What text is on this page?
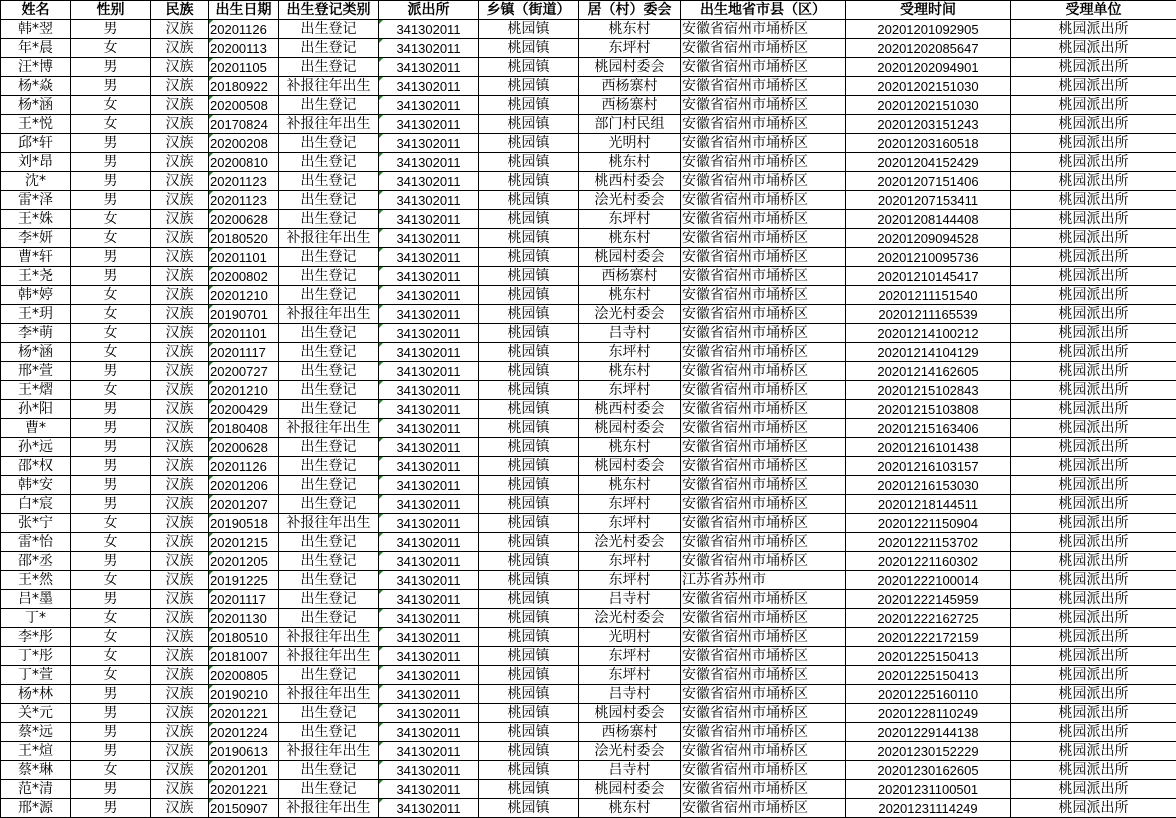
姓名	性别	民族	出生日期	出生登记类别	派出所	乡镇（街道）	居（村）委会	出生地省市县（区）	受理时间	受理单位
韩*翌	男	汉族	20201126	出生登记	341302011	桃园镇	桃东村	安徽省宿州市埇桥区	20201201092905	桃园派出所
年*晨	女	汉族	20200113	出生登记	341302011	桃园镇	东坪村	安徽省宿州市埇桥区	20201202085647	桃园派出所
汪*博	男	汉族	20201105	出生登记	341302011	桃园镇	桃园村委会	安徽省宿州市埇桥区	20201202094901	桃园派出所
杨*焱	男	汉族	20180922	补报往年出生	341302011	桃园镇	西杨寨村	安徽省宿州市埇桥区	20201202151030	桃园派出所
杨*涵	女	汉族	20200508	出生登记	341302011	桃园镇	西杨寨村	安徽省宿州市埇桥区	20201202151030	桃园派出所
王*悦	女	汉族	20170824	补报往年出生	341302011	桃园镇	部门村民组	安徽省宿州市埇桥区	20201203151243	桃园派出所
邱*轩	男	汉族	20200208	出生登记	341302011	桃园镇	光明村	安徽省宿州市埇桥区	20201203160518	桃园派出所
刘*昂	男	汉族	20200810	出生登记	341302011	桃园镇	桃东村	安徽省宿州市埇桥区	20201204152429	桃园派出所
沈*	男	汉族	20201123	出生登记	341302011	桃园镇	桃西村委会	安徽省宿州市埇桥区	20201207151406	桃园派出所
雷*泽	男	汉族	20201123	出生登记	341302011	桃园镇	浍光村委会	安徽省宿州市埇桥区	20201207153411	桃园派出所
王*姝	女	汉族	20200628	出生登记	341302011	桃园镇	东坪村	安徽省宿州市埇桥区	20201208144408	桃园派出所
李*妍	女	汉族	20180520	补报往年出生	341302011	桃园镇	桃东村	安徽省宿州市埇桥区	20201209094528	桃园派出所
曹*轩	男	汉族	20201101	出生登记	341302011	桃园镇	桃园村委会	安徽省宿州市埇桥区	20201210095736	桃园派出所
王*尧	男	汉族	20200802	出生登记	341302011	桃园镇	西杨寨村	安徽省宿州市埇桥区	20201210145417	桃园派出所
韩*婷	女	汉族	20201210	出生登记	341302011	桃园镇	桃东村	安徽省宿州市埇桥区	20201211151540	桃园派出所
王*玥	女	汉族	20190701	补报往年出生	341302011	桃园镇	浍光村委会	安徽省宿州市埇桥区	20201211165539	桃园派出所
李*萌	女	汉族	20201101	出生登记	341302011	桃园镇	吕寺村	安徽省宿州市埇桥区	20201214100212	桃园派出所
杨*涵	女	汉族	20201117	出生登记	341302011	桃园镇	东坪村	安徽省宿州市埇桥区	20201214104129	桃园派出所
邢*萱	男	汉族	20200727	出生登记	341302011	桃园镇	桃东村	安徽省宿州市埇桥区	20201214162605	桃园派出所
王*熠	女	汉族	20201210	出生登记	341302011	桃园镇	东坪村	安徽省宿州市埇桥区	20201215102843	桃园派出所
孙*阳	男	汉族	20200429	出生登记	341302011	桃园镇	桃西村委会	安徽省宿州市埇桥区	20201215103808	桃园派出所
曹*	男	汉族	20180408	补报往年出生	341302011	桃园镇	桃园村委会	安徽省宿州市埇桥区	20201215163406	桃园派出所
孙*远	男	汉族	20200628	出生登记	341302011	桃园镇	桃东村	安徽省宿州市埇桥区	20201216101438	桃园派出所
邵*权	男	汉族	20201126	出生登记	341302011	桃园镇	桃园村委会	安徽省宿州市埇桥区	20201216103157	桃园派出所
韩*安	男	汉族	20201206	出生登记	341302011	桃园镇	桃东村	安徽省宿州市埇桥区	20201216153030	桃园派出所
白*宸	男	汉族	20201207	出生登记	341302011	桃园镇	东坪村	安徽省宿州市埇桥区	20201218144511	桃园派出所
张*宁	女	汉族	20190518	补报往年出生	341302011	桃园镇	东坪村	安徽省宿州市埇桥区	20201221150904	桃园派出所
雷*怡	女	汉族	20201215	出生登记	341302011	桃园镇	浍光村委会	安徽省宿州市埇桥区	20201221153702	桃园派出所
邵*丞	男	汉族	20201205	出生登记	341302011	桃园镇	东坪村	安徽省宿州市埇桥区	20201221160302	桃园派出所
王*然	女	汉族	20191225	出生登记	341302011	桃园镇	东坪村	江苏省苏州市	20201222100014	桃园派出所
吕*墨	男	汉族	20201117	出生登记	341302011	桃园镇	吕寺村	安徽省宿州市埇桥区	20201222145959	桃园派出所
丁*	女	汉族	20201130	出生登记	341302011	桃园镇	浍光村委会	安徽省宿州市埇桥区	20201222162725	桃园派出所
李*彤	女	汉族	20180510	补报往年出生	341302011	桃园镇	光明村	安徽省宿州市埇桥区	20201222172159	桃园派出所
丁*彤	女	汉族	20181007	补报往年出生	341302011	桃园镇	东坪村	安徽省宿州市埇桥区	20201225150413	桃园派出所
丁*萱	女	汉族	20200805	出生登记	341302011	桃园镇	东坪村	安徽省宿州市埇桥区	20201225150413	桃园派出所
杨*林	男	汉族	20190210	补报往年出生	341302011	桃园镇	吕寺村	安徽省宿州市埇桥区	20201225160110	桃园派出所
关*元	男	汉族	20201221	出生登记	341302011	桃园镇	桃园村委会	安徽省宿州市埇桥区	20201228110249	桃园派出所
蔡*远	男	汉族	20201224	出生登记	341302011	桃园镇	西杨寨村	安徽省宿州市埇桥区	20201229144138	桃园派出所
王*煊	男	汉族	20190613	补报往年出生	341302011	桃园镇	浍光村委会	安徽省宿州市埇桥区	20201230152229	桃园派出所
蔡*琳	女	汉族	20201201	出生登记	341302011	桃园镇	吕寺村	安徽省宿州市埇桥区	20201230162605	桃园派出所
范*清	男	汉族	20201221	出生登记	341302011	桃园镇	桃园村委会	安徽省宿州市埇桥区	20201231100501	桃园派出所
邢*源	男	汉族	20150907	补报往年出生	341302011	桃园镇	桃东村	安徽省宿州市埇桥区	20201231114249	桃园派出所
